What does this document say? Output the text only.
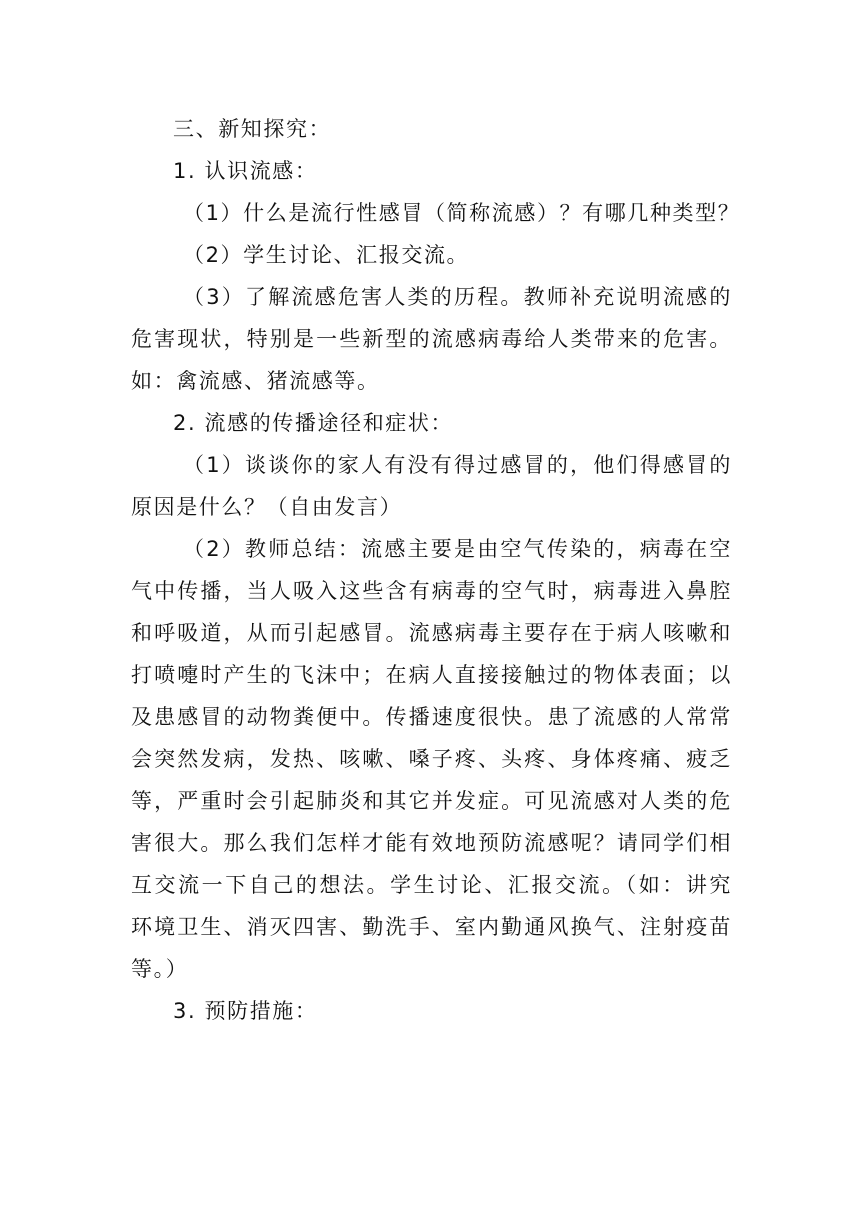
三、新知探究：
1. 认识流感：
（1）什么是流行性感冒（简称流感）？有哪几种类型？
（2）学生讨论、汇报交流。
（3）了解流感危害人类的历程。教师补充说明流感的
危害现状，特别是一些新型的流感病毒给人类带来的危害。
如：禽流感、猪流感等。
2. 流感的传播途径和症状：
（1）谈谈你的家人有没有得过感冒的，他们得感冒的
原因是什么？（自由发言）
（2）教师总结：流感主要是由空气传染的，病毒在空
气中传播，当人吸入这些含有病毒的空气时，病毒进入鼻腔
和呼吸道，从而引起感冒。流感病毒主要存在于病人咳嗽和
打喷嚏时产生的飞沫中；在病人直接接触过的物体表面；以
及患感冒的动物粪便中。传播速度很快。患了流感的人常常
会突然发病，发热、咳嗽、嗓子疼、头疼、身体疼痛、疲乏
等，严重时会引起肺炎和其它并发症。可见流感对人类的危
害很大。那么我们怎样才能有效地预防流感呢？请同学们相
互交流一下自己的想法。学生讨论、汇报交流。（如：讲究
环境卫生、消灭四害、勤洗手、室内勤通风换气、注射疫苗
等。）
3. 预防措施：
